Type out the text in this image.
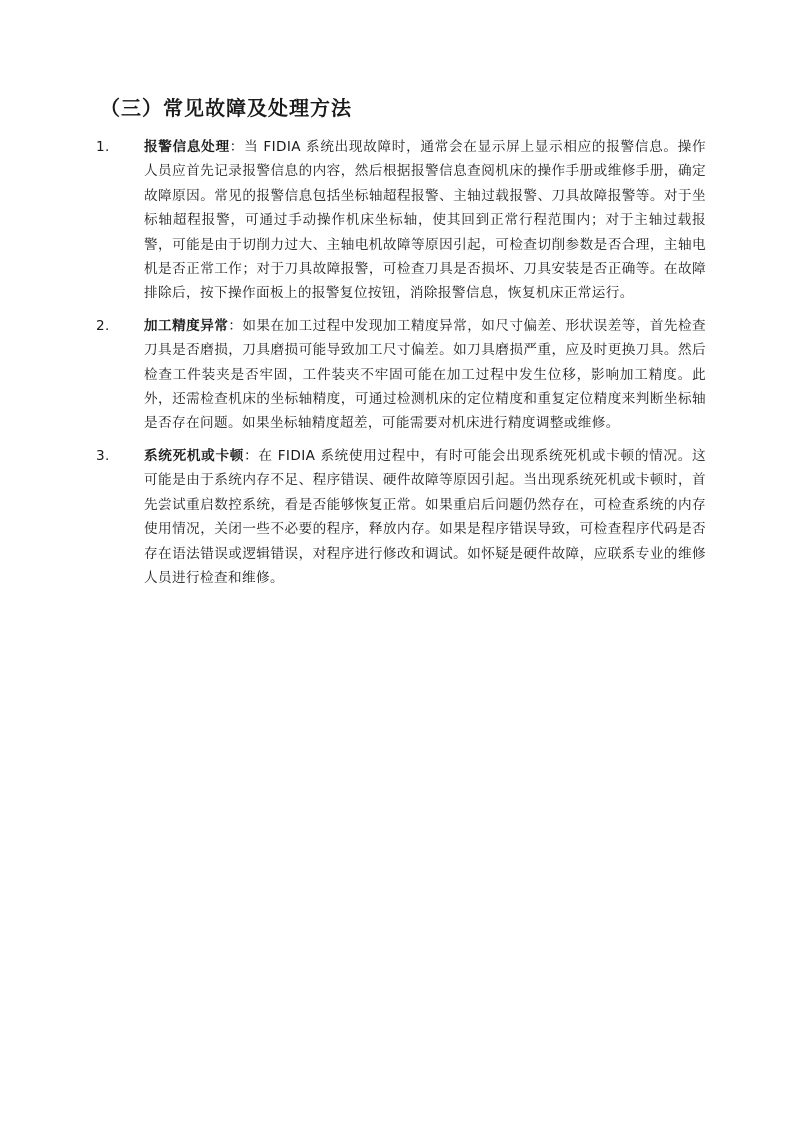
（三）常见故障及处理方法
1.	报警信息处理：当 FIDIA 系统出现故障时，通常会在显示屏上显示相应的报警信息。操作人员应首先记录报警信息的内容，然后根据报警信息查阅机床的操作手册或维修手册，确定故障原因。常见的报警信息包括坐标轴超程报警、主轴过载报警、刀具故障报警等。对于坐标轴超程报警，可通过手动操作机床坐标轴，使其回到正常行程范围内；对于主轴过载报警，可能是由于切削力过大、主轴电机故障等原因引起，可检查切削参数是否合理，主轴电机是否正常工作；对于刀具故障报警，可检查刀具是否损坏、刀具安装是否正确等。在故障排除后，按下操作面板上的报警复位按钮，消除报警信息，恢复机床正常运行。
2.	加工精度异常：如果在加工过程中发现加工精度异常，如尺寸偏差、形状误差等，首先检查刀具是否磨损，刀具磨损可能导致加工尺寸偏差。如刀具磨损严重，应及时更换刀具。然后检查工件装夹是否牢固，工件装夹不牢固可能在加工过程中发生位移，影响加工精度。此外，还需检查机床的坐标轴精度，可通过检测机床的定位精度和重复定位精度来判断坐标轴是否存在问题。如果坐标轴精度超差，可能需要对机床进行精度调整或维修。
3.	系统死机或卡顿：在 FIDIA 系统使用过程中，有时可能会出现系统死机或卡顿的情况。这可能是由于系统内存不足、程序错误、硬件故障等原因引起。当出现系统死机或卡顿时，首先尝试重启数控系统，看是否能够恢复正常。如果重启后问题仍然存在，可检查系统的内存使用情况，关闭一些不必要的程序，释放内存。如果是程序错误导致，可检查程序代码是否存在语法错误或逻辑错误，对程序进行修改和调试。如怀疑是硬件故障，应联系专业的维修人员进行检查和维修。
